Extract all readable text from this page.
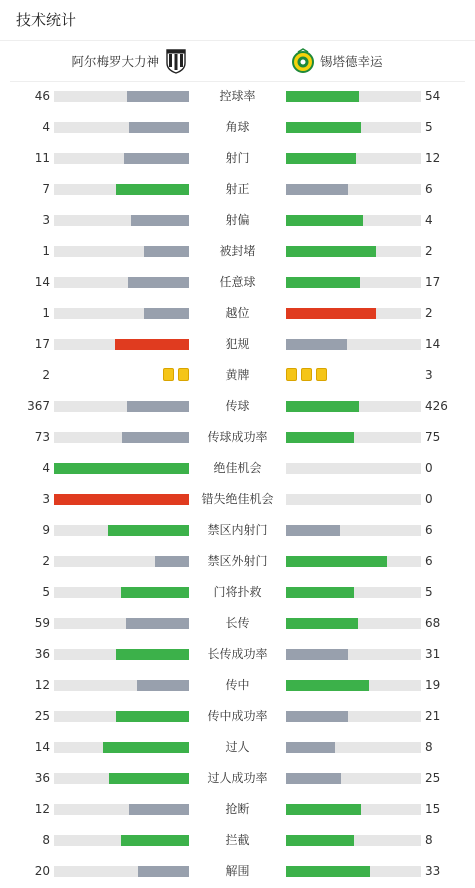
技术统计
阿尔梅罗大力神	锡塔德幸运
46	控球率	54
4	角球	5
11	射门	12
7	射正	6
3	射偏	4
1	被封堵	2
14	任意球	17
1	越位	2
17	犯规	14
2	黄牌	3
367	传球	426
73	传球成功率	75
4	绝佳机会	0
3	错失绝佳机会	0
9	禁区内射门	6
2	禁区外射门	6
5	门将扑救	5
59	长传	68
36	长传成功率	31
12	传中	19
25	传中成功率	21
14	过人	8
36	过人成功率	25
12	抢断	15
8	拦截	8
20	解围	33
